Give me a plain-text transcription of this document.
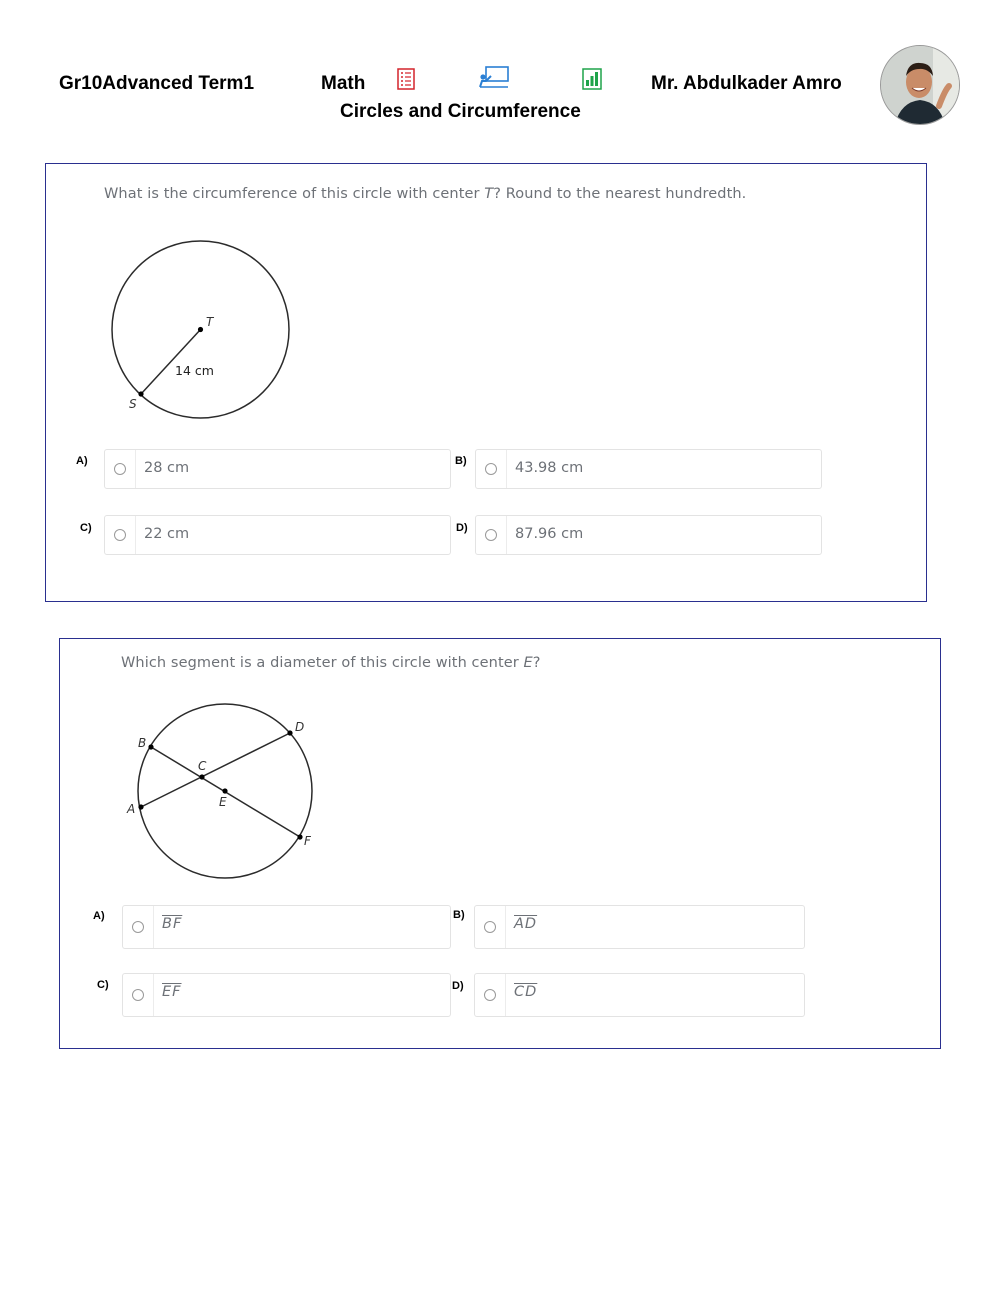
Gr10Advanced Term1	Math	Mr. Abdulkader Amro
Circles and Circumference
What is the circumference of this circle with center T? Round to the nearest hundredth.
T
S
14 cm
A)	28 cm	B)	43.98 cm
C)	22 cm	D)	87.96 cm
Which segment is a diameter of this circle with center E?
B
D
C
A	E
F
A)	$\overline{BF}$
B)
$\overline{AD}$
C)	$\overline{EF}$	D)	$\overline{CD}$
